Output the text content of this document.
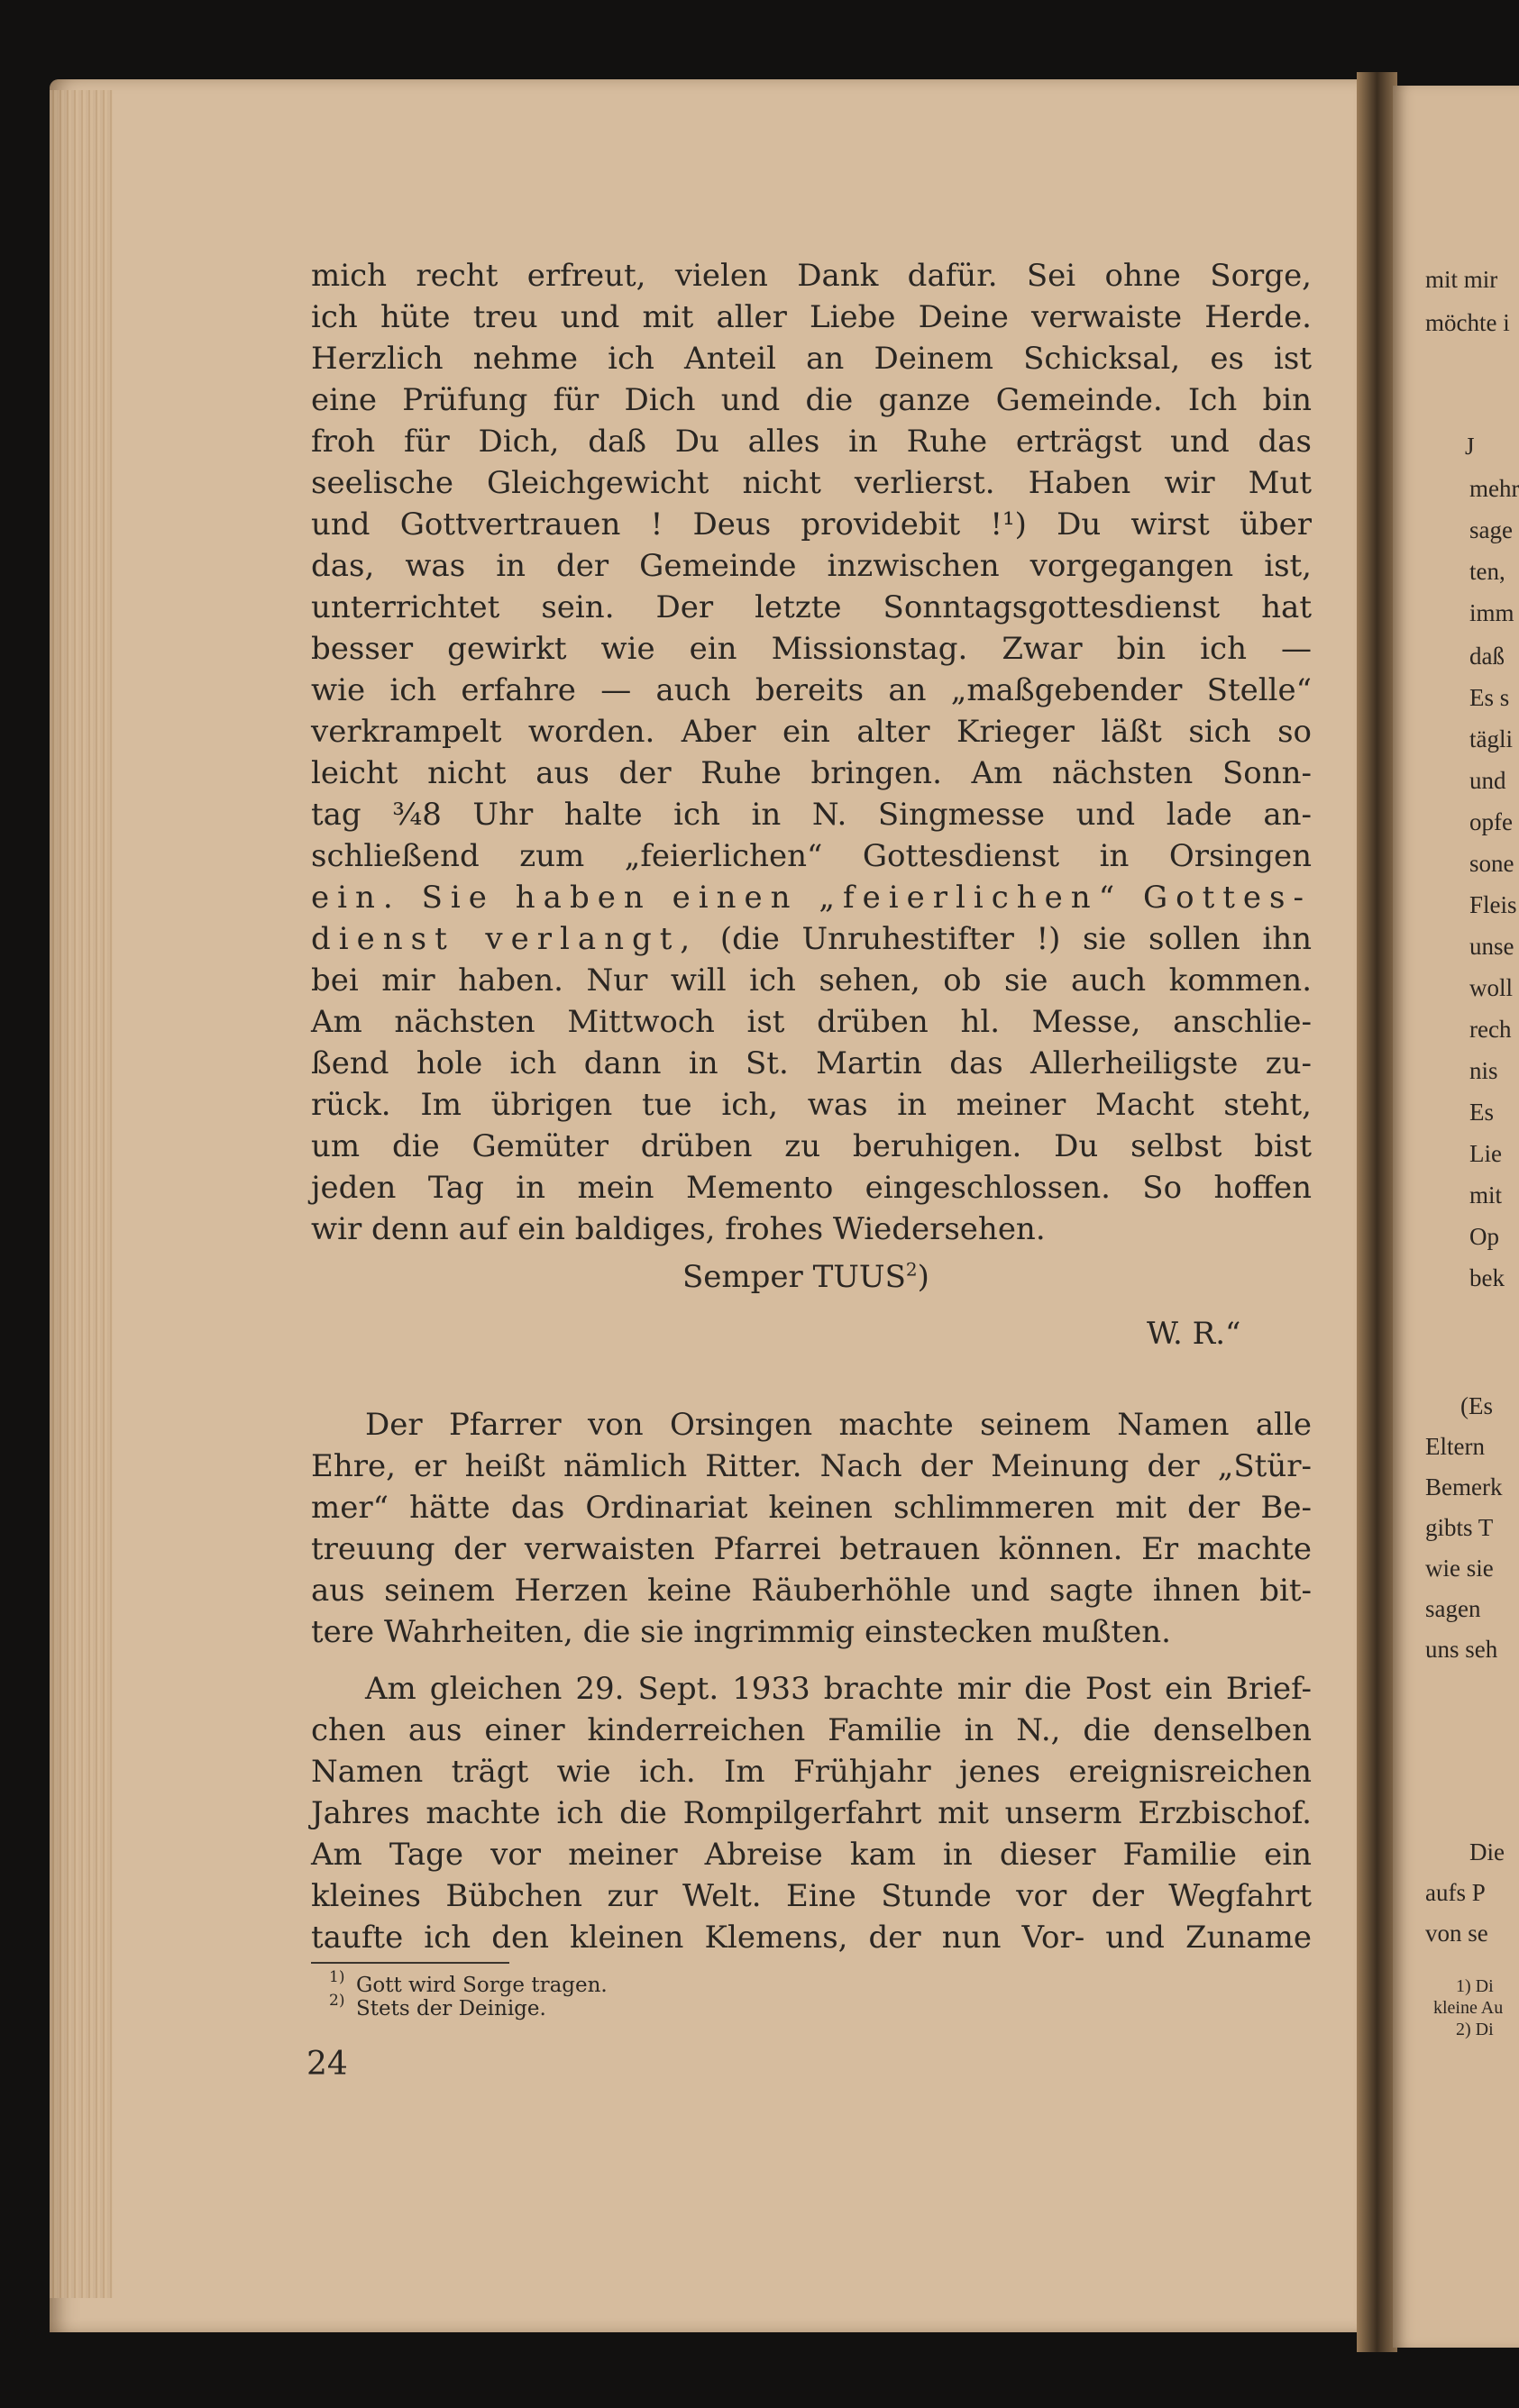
mit mir
möchte i
J
mehr
sage
ten,
imm
daß
Es s
tägli
und
opfe
sone
Fleis
unse
woll
rech
nis
Es
Lie
mit
Op
bek
(Es
Eltern
Bemerk
gibts T
wie sie
sagen
uns seh
Die
aufs P
von se
1) Di
kleine Au
2) Di
mich recht erfreut, vielen Dank dafür. Sei ohne Sorge,
ich hüte treu und mit aller Liebe Deine verwaiste Herde.
Herzlich nehme ich Anteil an Deinem Schicksal, es ist
eine Prüfung für Dich und die ganze Gemeinde. Ich bin
froh für Dich, daß Du alles in Ruhe erträgst und das
seelische Gleichgewicht nicht verlierst. Haben wir Mut
und Gottvertrauen ! Deus providebit !¹) Du wirst über
das, was in der Gemeinde inzwischen vorgegangen ist,
unterrichtet sein. Der letzte Sonntagsgottesdienst hat
besser gewirkt wie ein Missionstag. Zwar bin ich —
wie ich erfahre — auch bereits an „maßgebender Stelle“
verkrampelt worden. Aber ein alter Krieger läßt sich so
leicht nicht aus der Ruhe bringen. Am nächsten Sonn-
tag ¾8 Uhr halte ich in N. Singmesse und lade an-
schließend zum „feierlichen“ Gottesdienst in Orsingen
ein. Sie haben einen „feierlichen“ Gottes-
dienst verlangt, (die Unruhestifter !) sie sollen ihn
bei mir haben. Nur will ich sehen, ob sie auch kommen.
Am nächsten Mittwoch ist drüben hl. Messe, anschlie-
ßend hole ich dann in St. Martin das Allerheiligste zu-
rück. Im übrigen tue ich, was in meiner Macht steht,
um die Gemüter drüben zu beruhigen. Du selbst bist
jeden Tag in mein Memento eingeschlossen. So hoffen
wir denn auf ein baldiges, frohes Wiedersehen.
Semper TUUS$^2$)
W. R.“
Der Pfarrer von Orsingen machte seinem Namen alle
Ehre, er heißt nämlich Ritter. Nach der Meinung der „Stür-
mer“ hätte das Ordinariat keinen schlimmeren mit der Be-
treuung der verwaisten Pfarrei betrauen können. Er machte
aus seinem Herzen keine Räuberhöhle und sagte ihnen bit-
tere Wahrheiten, die sie ingrimmig einstecken mußten.
Am gleichen 29. Sept. 1933 brachte mir die Post ein Brief-
chen aus einer kinderreichen Familie in N., die denselben
Namen trägt wie ich. Im Frühjahr jenes ereignisreichen
Jahres machte ich die Rompilgerfahrt mit unserm Erzbischof.
Am Tage vor meiner Abreise kam in dieser Familie ein
kleines Bübchen zur Welt. Eine Stunde vor der Wegfahrt
taufte ich den kleinen Klemens, der nun Vor- und Zuname
1) Gott wird Sorge tragen.
2) Stets der Deinige.
24
